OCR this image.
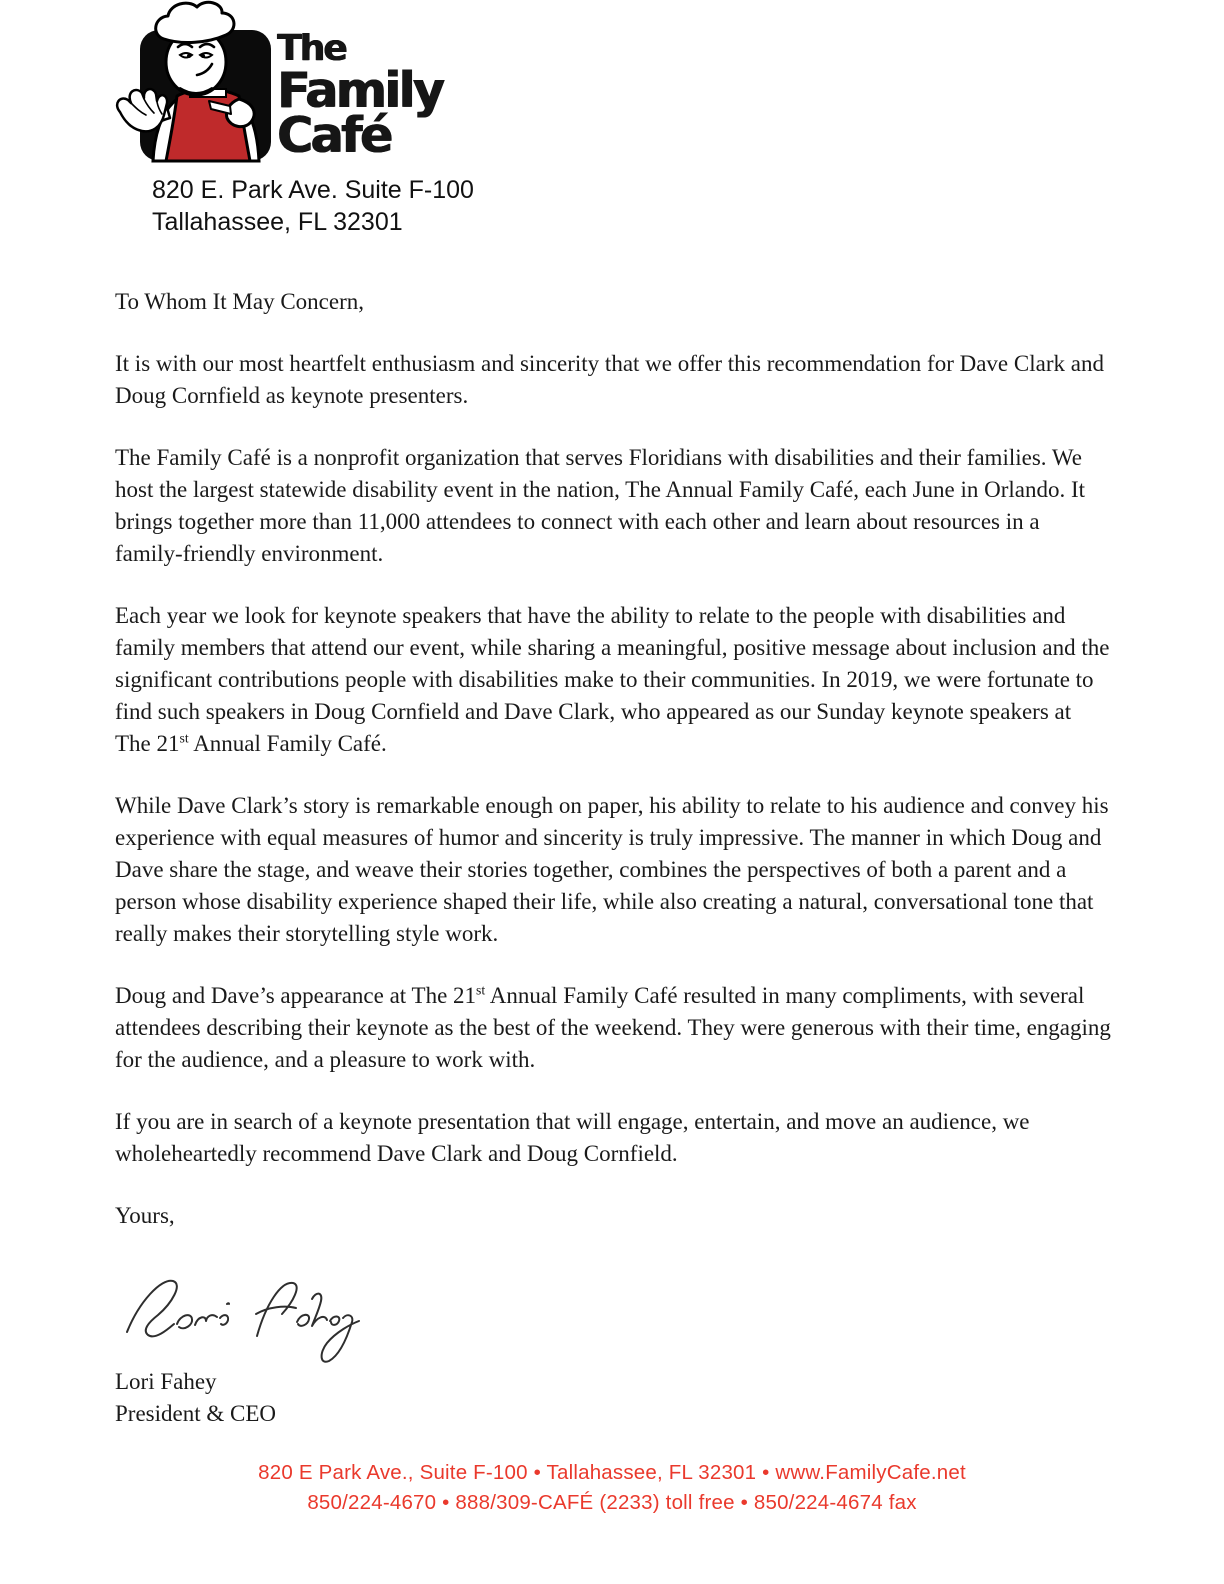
The
Family
Café
820 E. Park Ave. Suite F-100
Tallahassee, FL 32301

To Whom It May Concern,

It is with our most heartfelt enthusiasm and sincerity that we offer this recommendation for Dave Clark and Doug Cornfield as keynote presenters.

The Family Café is a nonprofit organization that serves Floridians with disabilities and their families. We host the largest statewide disability event in the nation, The Annual Family Café, each June in Orlando. It brings together more than 11,000 attendees to connect with each other and learn about resources in a family-friendly environment.

Each year we look for keynote speakers that have the ability to relate to the people with disabilities and family members that attend our event, while sharing a meaningful, positive message about inclusion and the significant contributions people with disabilities make to their communities. In 2019, we were fortunate to find such speakers in Doug Cornfield and Dave Clark, who appeared as our Sunday keynote speakers at The 21st Annual Family Café.

While Dave Clark’s story is remarkable enough on paper, his ability to relate to his audience and convey his experience with equal measures of humor and sincerity is truly impressive. The manner in which Doug and Dave share the stage, and weave their stories together, combines the perspectives of both a parent and a person whose disability experience shaped their life, while also creating a natural, conversational tone that really makes their storytelling style work.

Doug and Dave’s appearance at The 21st Annual Family Café resulted in many compliments, with several attendees describing their keynote as the best of the weekend. They were generous with their time, engaging for the audience, and a pleasure to work with.

If you are in search of a keynote presentation that will engage, entertain, and move an audience, we wholeheartedly recommend Dave Clark and Doug Cornfield.

Yours,

Lori Fahey
President & CEO
820 E Park Ave., Suite F-100 • Tallahassee, FL 32301 • www.FamilyCafe.net
850/224-4670 • 888/309-CAFÉ (2233) toll free • 850/224-4674 fax
